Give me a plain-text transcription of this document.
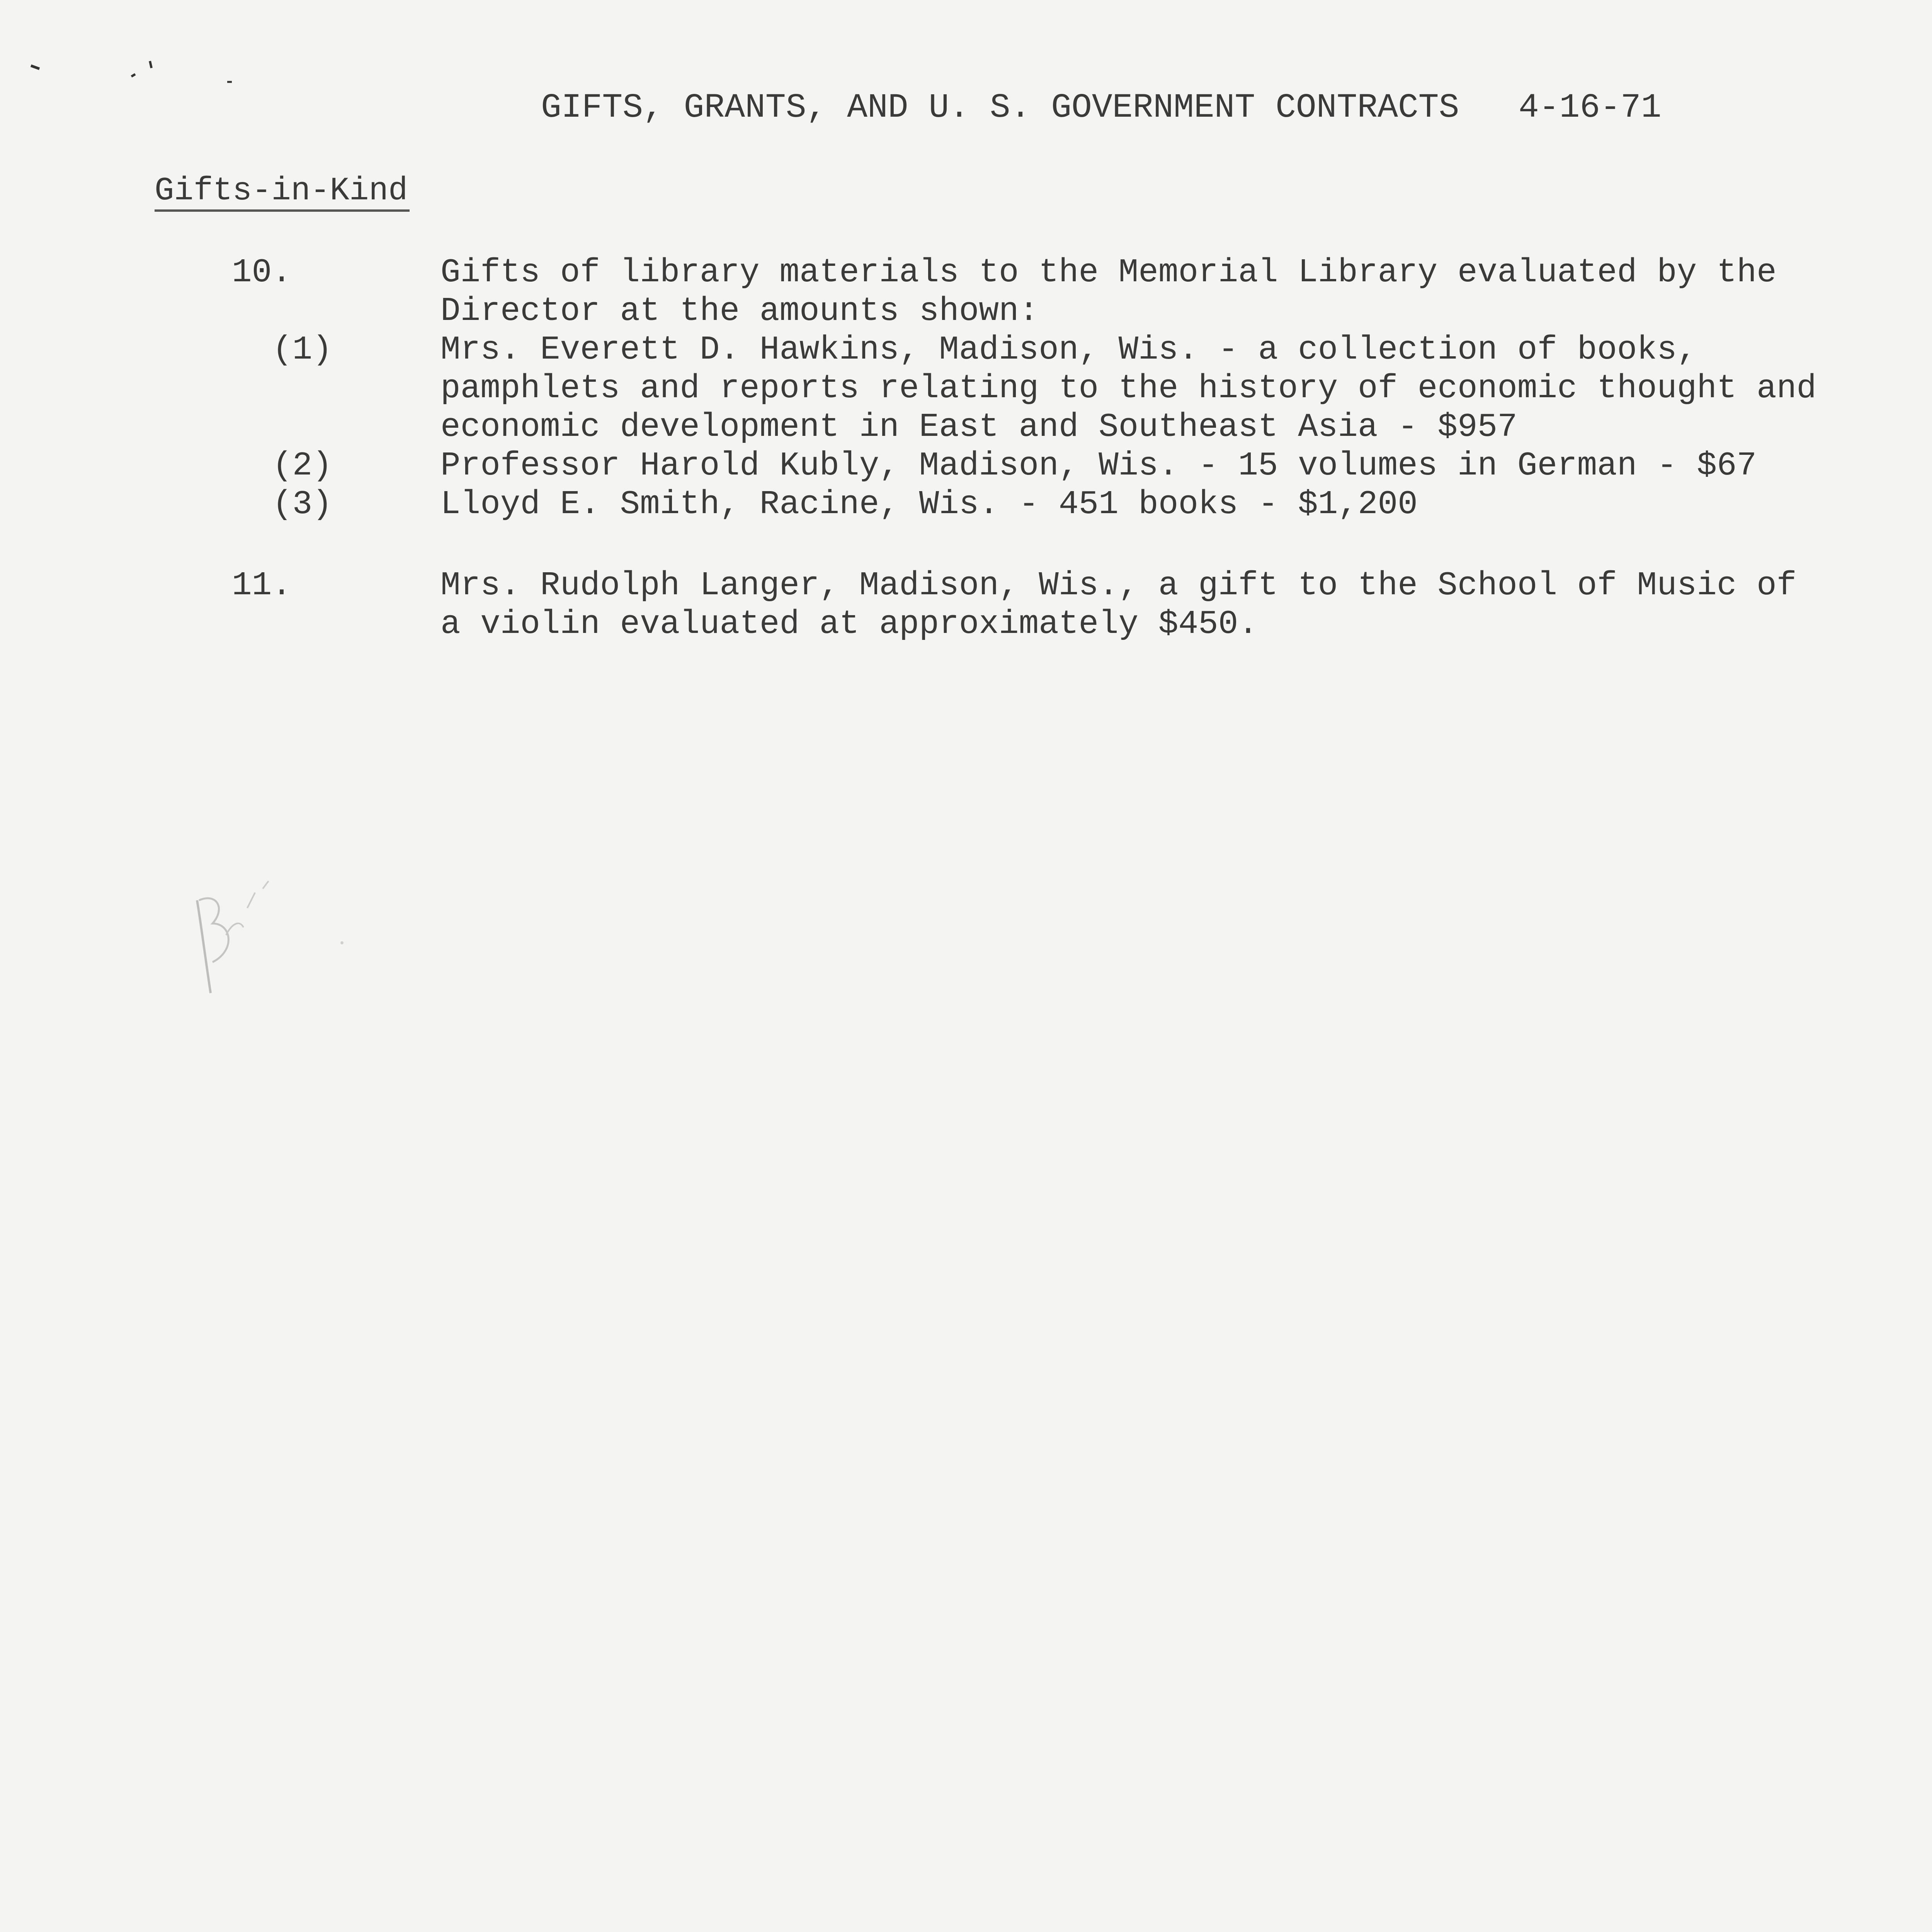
GIFTS, GRANTS, AND U. S. GOVERNMENT CONTRACTS 4-16-71
Gifts-in-Kind
10.	Gifts of library materials to the Memorial Library evaluated by the
Director at the amounts shown:
(1)	Mrs. Everett D. Hawkins, Madison, Wis. - a collection of books,
pamphlets and reports relating to the history of economic thought and
economic development in East and Southeast Asia - $957
(2)	Professor Harold Kubly, Madison, Wis. - 15 volumes in German - $67
(3)	Lloyd E. Smith, Racine, Wis. - 451 books - $1,200
11.	Mrs. Rudolph Langer, Madison, Wis., a gift to the School of Music of
a violin evaluated at approximately $450.
